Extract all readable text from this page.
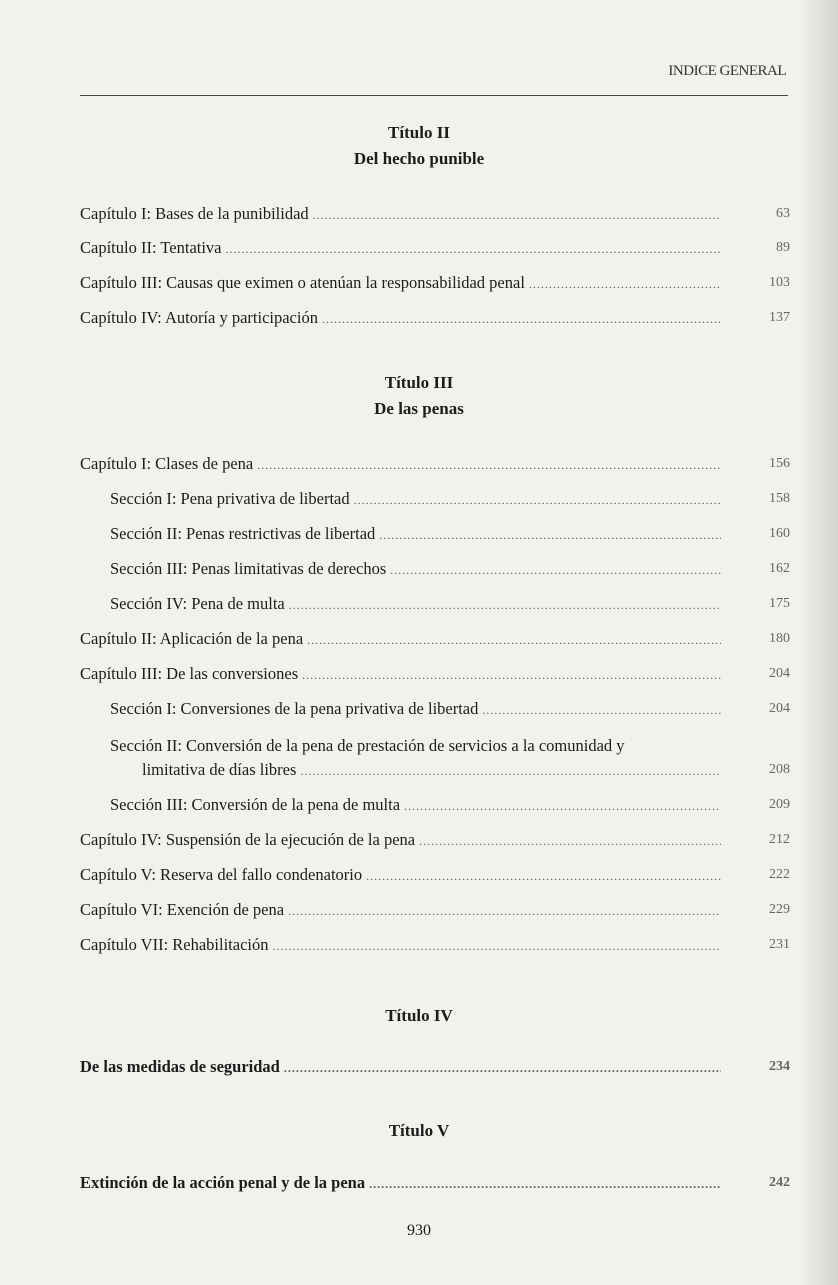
INDICE GENERAL
Título II
Del hecho punible
Capítulo I: Bases de la punibilidad .....	63
Capítulo II: Tentativa .....	89
Capítulo III: Causas que eximen o atenúan la responsabilidad penal .....	103
Capítulo IV: Autoría y participación .....	137
Título III
De las penas
Capítulo I: Clases de pena .....	156
Sección I: Pena privativa de libertad .....	158
Sección II: Penas restrictivas de libertad .....	160
Sección III: Penas limitativas de derechos .....	162
Sección IV: Pena de multa .....	175
Capítulo II: Aplicación de la pena .....	180
Capítulo III: De las conversiones .....	204
Sección I: Conversiones de la pena privativa de libertad .....	204
Sección II: Conversión de la pena de prestación de servicios a la comunidad y
limitativa de días libres .....	208
Sección III: Conversión de la pena de multa .....	209
Capítulo IV: Suspensión de la ejecución de la pena .....	212
Capítulo V: Reserva del fallo condenatorio .....	222
Capítulo VI: Exención de pena .....	229
Capítulo VII: Rehabilitación .....	231
Título IV
De las medidas de seguridad .....	234
Título V
Extinción de la acción penal y de la pena .....	242
930
